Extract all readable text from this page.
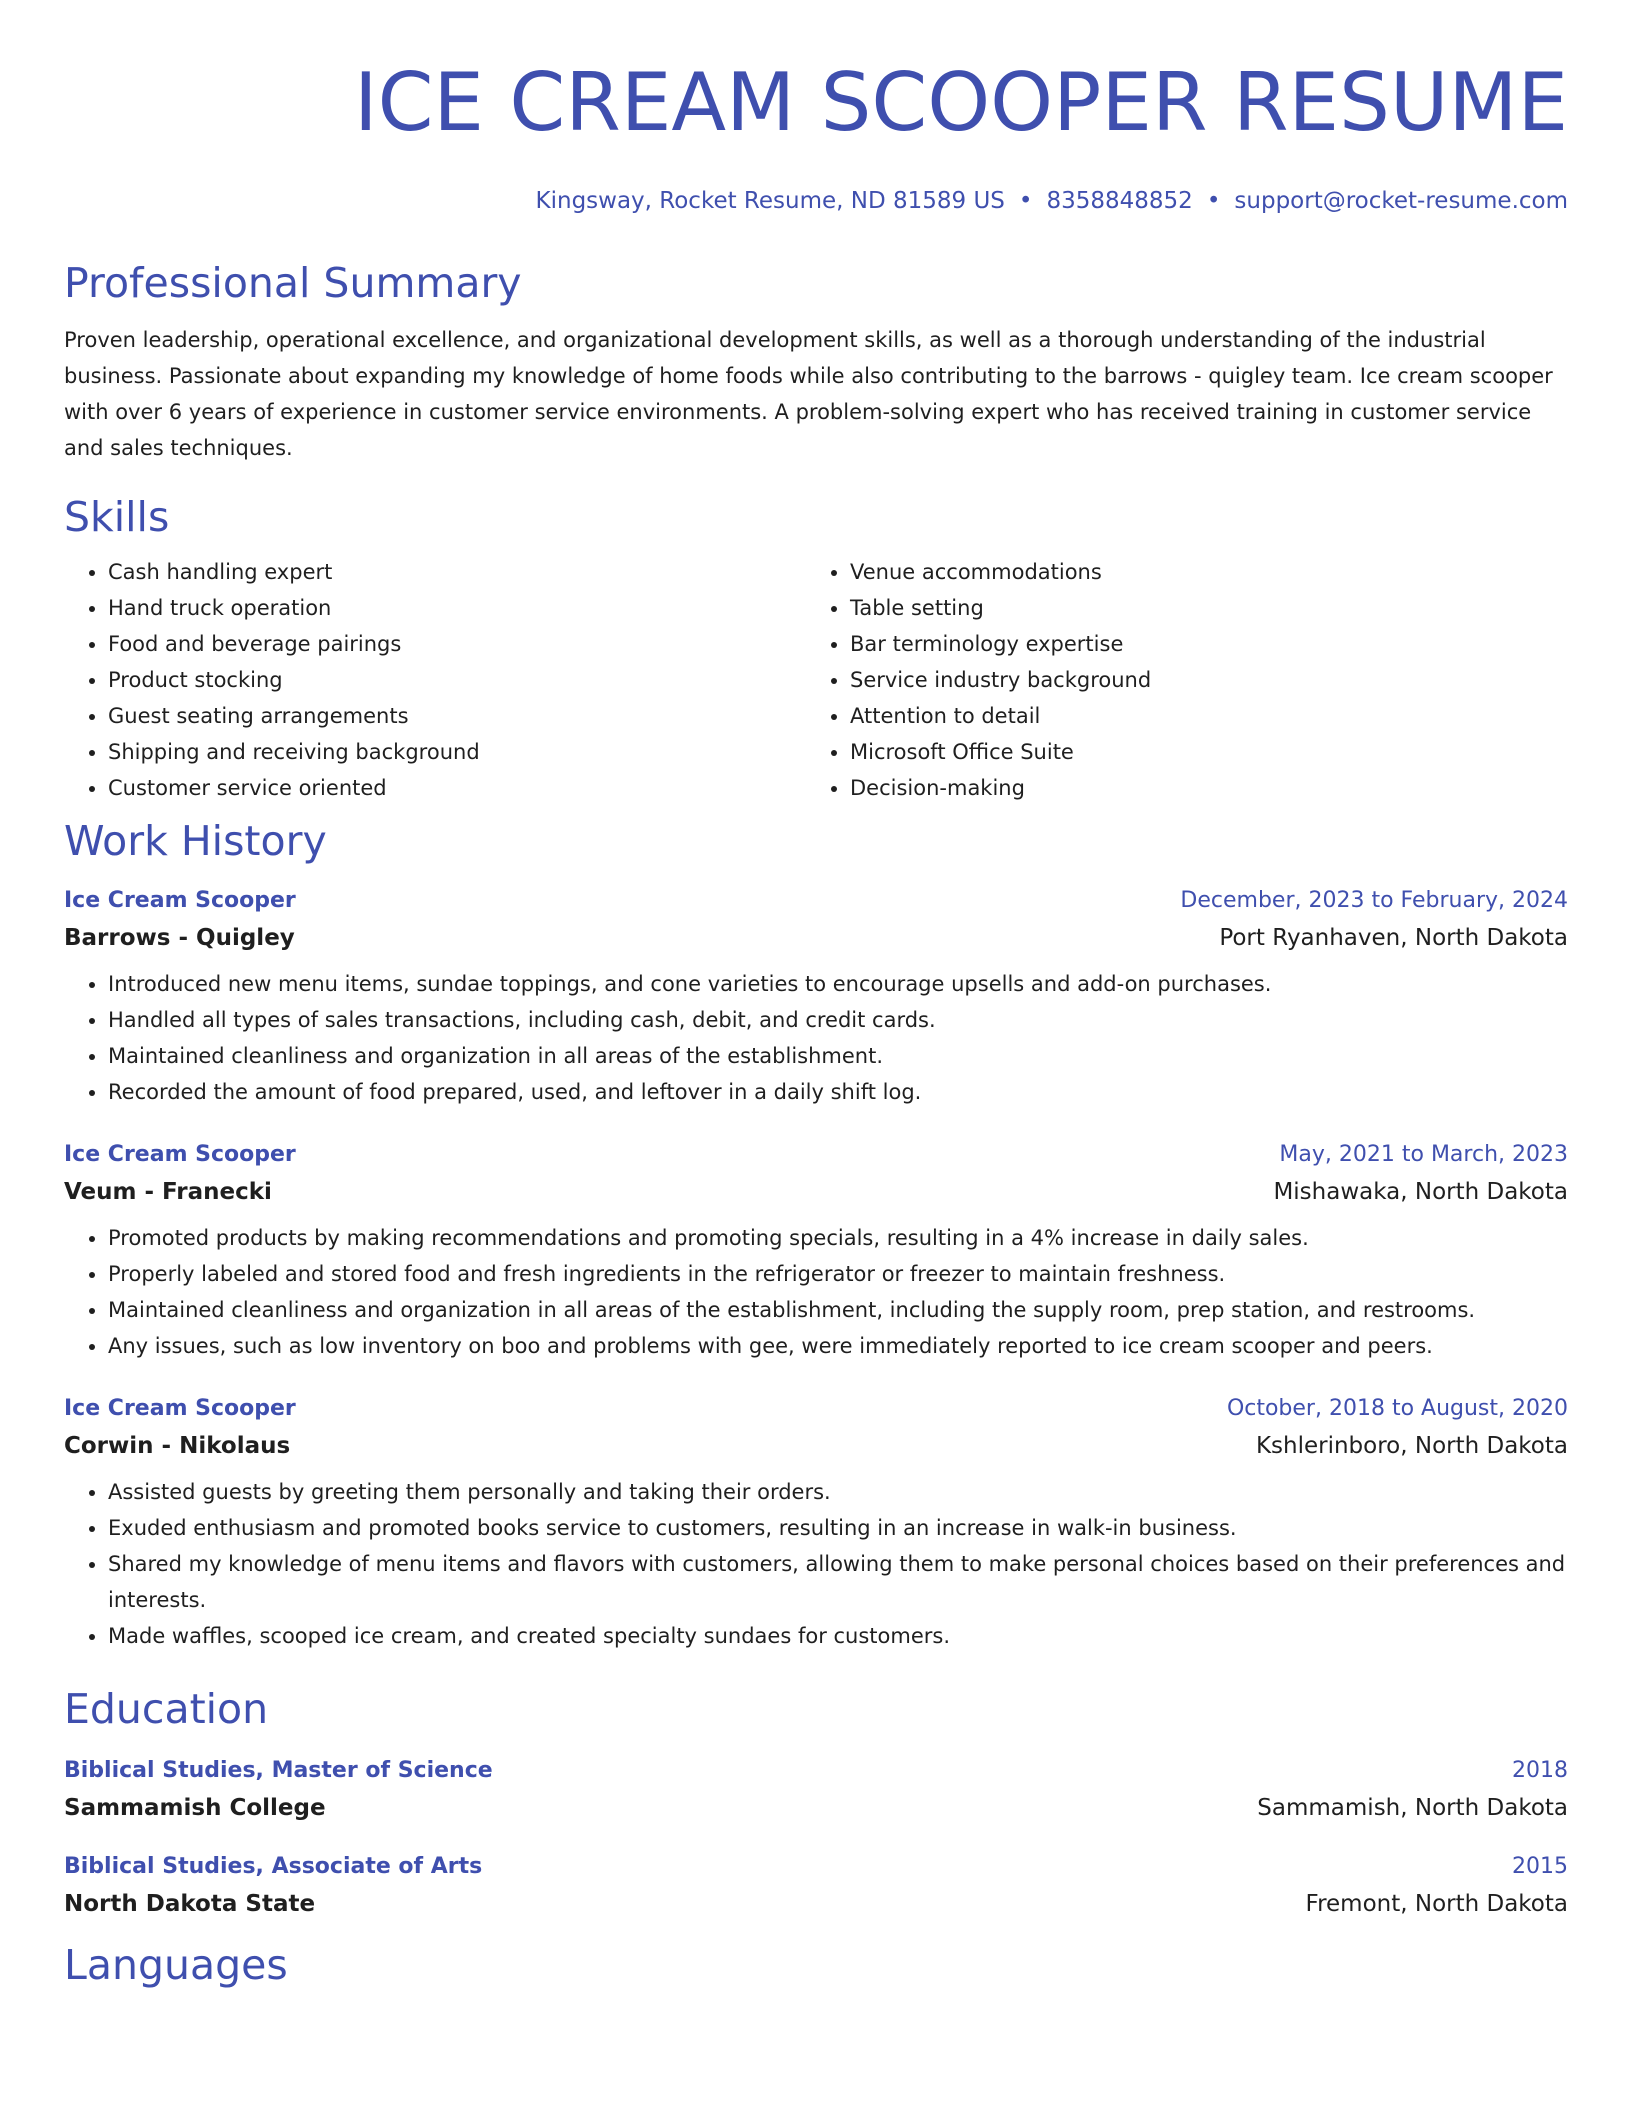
ICE CREAM SCOOPER RESUME
Kingsway, Rocket Resume, ND 81589 US • 8358848852 • support@rocket-resume.com
Professional Summary
Proven leadership, operational excellence, and organizational development skills, as well as a thorough understanding of the industrial business. Passionate about expanding my knowledge of home foods while also contributing to the barrows - quigley team. Ice cream scooper with over 6 years of experience in customer service environments. A problem-solving expert who has received training in customer service and sales techniques.
Skills
• Cash handling expert
• Hand truck operation
• Food and beverage pairings
• Product stocking
• Guest seating arrangements
• Shipping and receiving background
• Customer service oriented
• Venue accommodations
• Table setting
• Bar terminology expertise
• Service industry background
• Attention to detail
• Microsoft Office Suite
• Decision-making
Work History
Ice Cream Scooper	December, 2023 to February, 2024
Barrows - Quigley	Port Ryanhaven, North Dakota
• Introduced new menu items, sundae toppings, and cone varieties to encourage upsells and add-on purchases.
• Handled all types of sales transactions, including cash, debit, and credit cards.
• Maintained cleanliness and organization in all areas of the establishment.
• Recorded the amount of food prepared, used, and leftover in a daily shift log.
Ice Cream Scooper	May, 2021 to March, 2023
Veum - Franecki	Mishawaka, North Dakota
• Promoted products by making recommendations and promoting specials, resulting in a 4% increase in daily sales.
• Properly labeled and stored food and fresh ingredients in the refrigerator or freezer to maintain freshness.
• Maintained cleanliness and organization in all areas of the establishment, including the supply room, prep station, and restrooms.
• Any issues, such as low inventory on boo and problems with gee, were immediately reported to ice cream scooper and peers.
Ice Cream Scooper	October, 2018 to August, 2020
Corwin - Nikolaus	Kshlerinboro, North Dakota
• Assisted guests by greeting them personally and taking their orders.
• Exuded enthusiasm and promoted books service to customers, resulting in an increase in walk-in business.
• Shared my knowledge of menu items and flavors with customers, allowing them to make personal choices based on their preferences and interests.
• Made waffles, scooped ice cream, and created specialty sundaes for customers.
Education
Biblical Studies, Master of Science	2018
Sammamish College	Sammamish, North Dakota
Biblical Studies, Associate of Arts	2015
North Dakota State	Fremont, North Dakota
Languages
